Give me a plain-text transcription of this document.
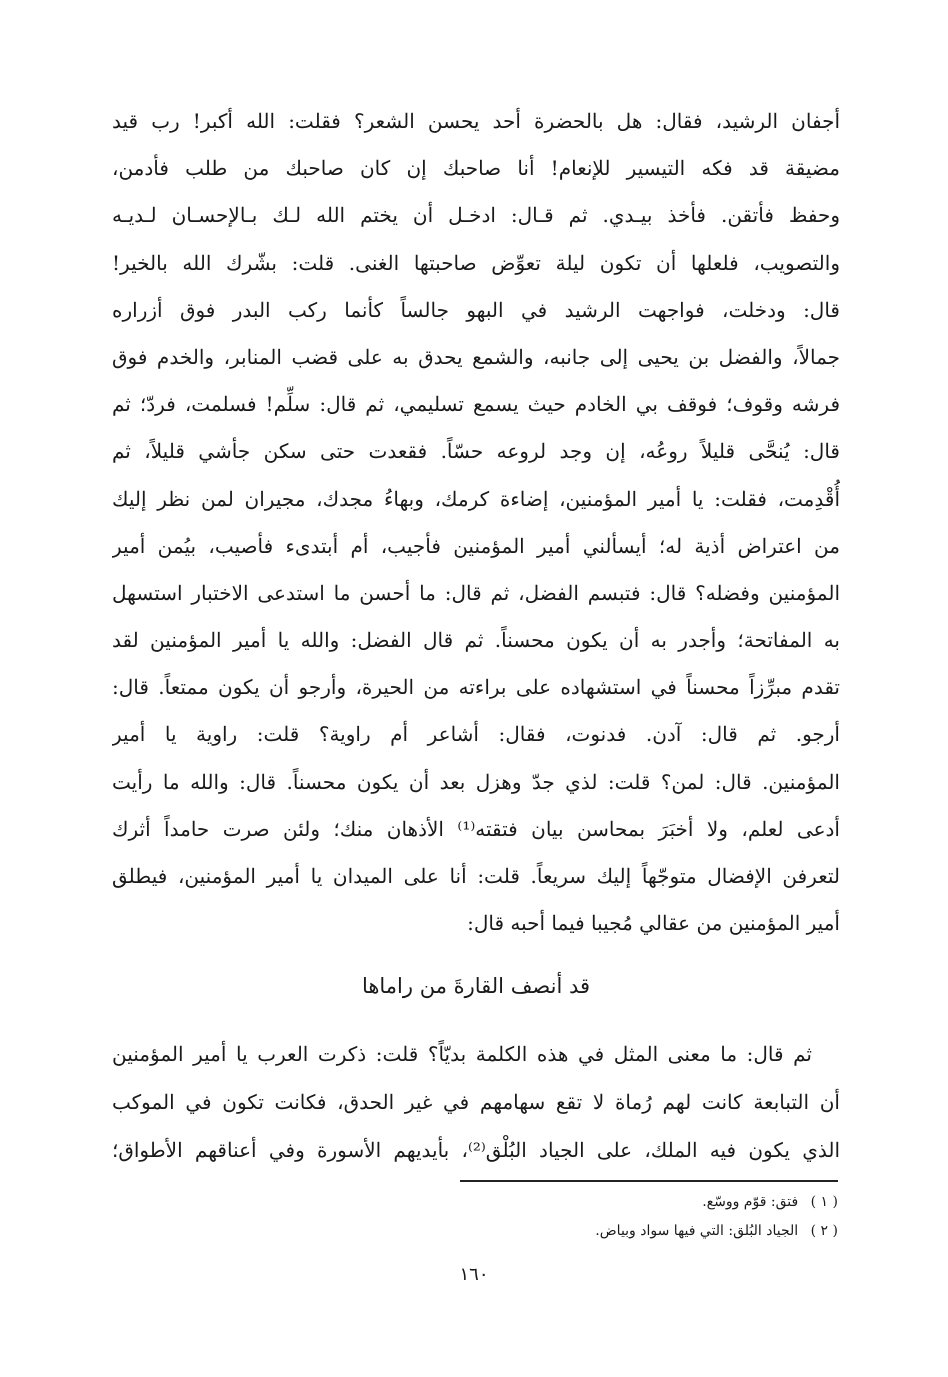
أجفان الرشيد، فقال: هل بالحضرة أحد يحسن الشعر؟ فقلت: الله أكبر! رب قيد
مضيقة قد فكه التيسير للإنعام! أنا صاحبك إن كان صاحبك من طلب فأدمن،
وحفظ فأتقن. فأخذ بيـدي. ثم قـال: ادخـل أن يختم الله لـك بـالإحسـان لـديـه
والتصويب، فلعلها أن تكون ليلة تعوِّض صاحبتها الغنى. قلت: بشّرك الله بالخير!
قال: ودخلت، فواجهت الرشيد في البهو جالساً كأنما ركب البدر فوق أزراره
جمالاً، والفضل بن يحيى إلى جانبه، والشمع يحدق به على قضب المنابر، والخدم فوق
فرشه وقوف؛ فوقف بي الخادم حيث يسمع تسليمي، ثم قال: سلِّم! فسلمت، فردّ؛ ثم
قال: يُنحَّى قليلاً روعُه، إن وجد لروعه حسّاً. فقعدت حتى سكن جأشي قليلاً، ثم
أُقْدِمت، فقلت: يا أمير المؤمنين، إضاءة كرمك، وبهاءُ مجدك، مجيران لمن نظر إليك
من اعتراض أذية له؛ أيسألني أمير المؤمنين فأجيب، أم أبتدىء فأصيب، بيُمن أمير
المؤمنين وفضله؟ قال: فتبسم الفضل، ثم قال: ما أحسن ما استدعى الاختبار استسهل
به المفاتحة؛ وأجدر به أن يكون محسناً. ثم قال الفضل: والله يا أمير المؤمنين لقد
تقدم مبرِّزاً محسناً في استشهاده على براءته من الحيرة، وأرجو أن يكون ممتعاً. قال:
أرجو. ثم قال: آدن. فدنوت، فقال: أشاعر أم راوية؟ قلت: راوية يا أمير
المؤمنين. قال: لمن؟ قلت: لذي جدّ وهزل بعد أن يكون محسناً. قال: والله ما رأيت
أدعى لعلم، ولا أخبَرَ بمحاسن بيان فتقته⁽¹⁾ الأذهان منك؛ ولئن صرت حامداً أثرك
لتعرفن الإفضال متوجّهاً إليك سريعاً. قلت: أنا على الميدان يا أمير المؤمنين، فيطلق
أمير المؤمنين من عقالي مُجيبا فيما أحبه قال:
قد أنصف القارةَ من راماها
ثم قال: ما معنى المثل في هذه الكلمة بديّاً؟ قلت: ذكرت العرب يا أمير المؤمنين
أن التبابعة كانت لهم رُماة لا تقع سهامهم في غير الحدق، فكانت تكون في الموكب
الذي يكون فيه الملك، على الجياد البُلْق⁽²⁾، بأيديهم الأسورة وفي أعناقهم الأطواق؛
( ١ ) فتق: قوّم ووسّع.
( ٢ ) الجياد البُلق: التي فيها سواد وبياض.
١٦٠
